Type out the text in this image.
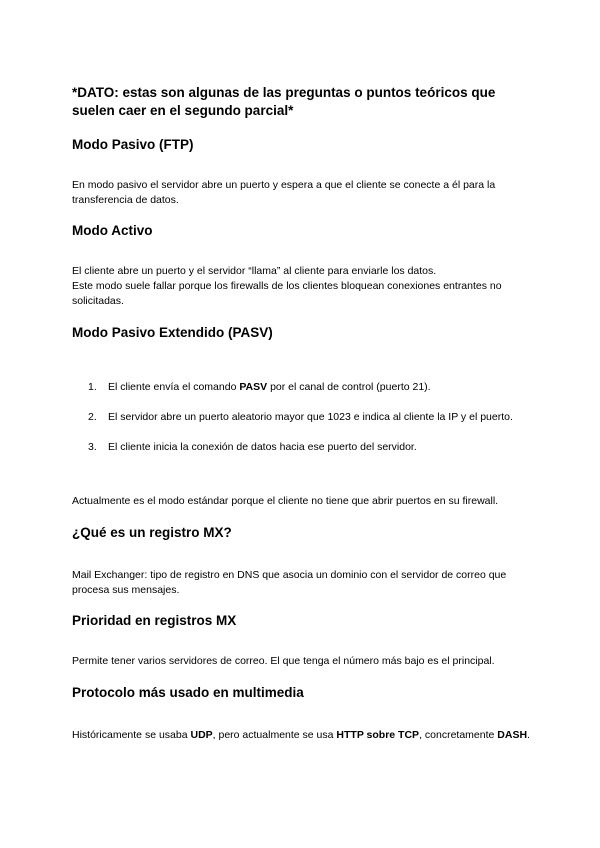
*DATO: estas son algunas de las preguntas o puntos teóricos que suelen caer en el segundo parcial*
Modo Pasivo (FTP)

En modo pasivo el servidor abre un puerto y espera a que el cliente se conecte a él para la transferencia de datos.

Modo Activo

El cliente abre un puerto y el servidor “llama” al cliente para enviarle los datos.

Este modo suele fallar porque los firewalls de los clientes bloquean conexiones entrantes no solicitadas.

Modo Pasivo Extendido (PASV)
1. El cliente envía el comando PASV por el canal de control (puerto 21).
2. El servidor abre un puerto aleatorio mayor que 1023 e indica al cliente la IP y el puerto.
3. El cliente inicia la conexión de datos hacia ese puerto del servidor.

Actualmente es el modo estándar porque el cliente no tiene que abrir puertos en su firewall.

¿Qué es un registro MX?

Mail Exchanger: tipo de registro en DNS que asocia un dominio con el servidor de correo que procesa sus mensajes.

Prioridad en registros MX

Permite tener varios servidores de correo. El que tenga el número más bajo es el principal.

Protocolo más usado en multimedia

Históricamente se usaba UDP, pero actualmente se usa HTTP sobre TCP, concretamente DASH.
